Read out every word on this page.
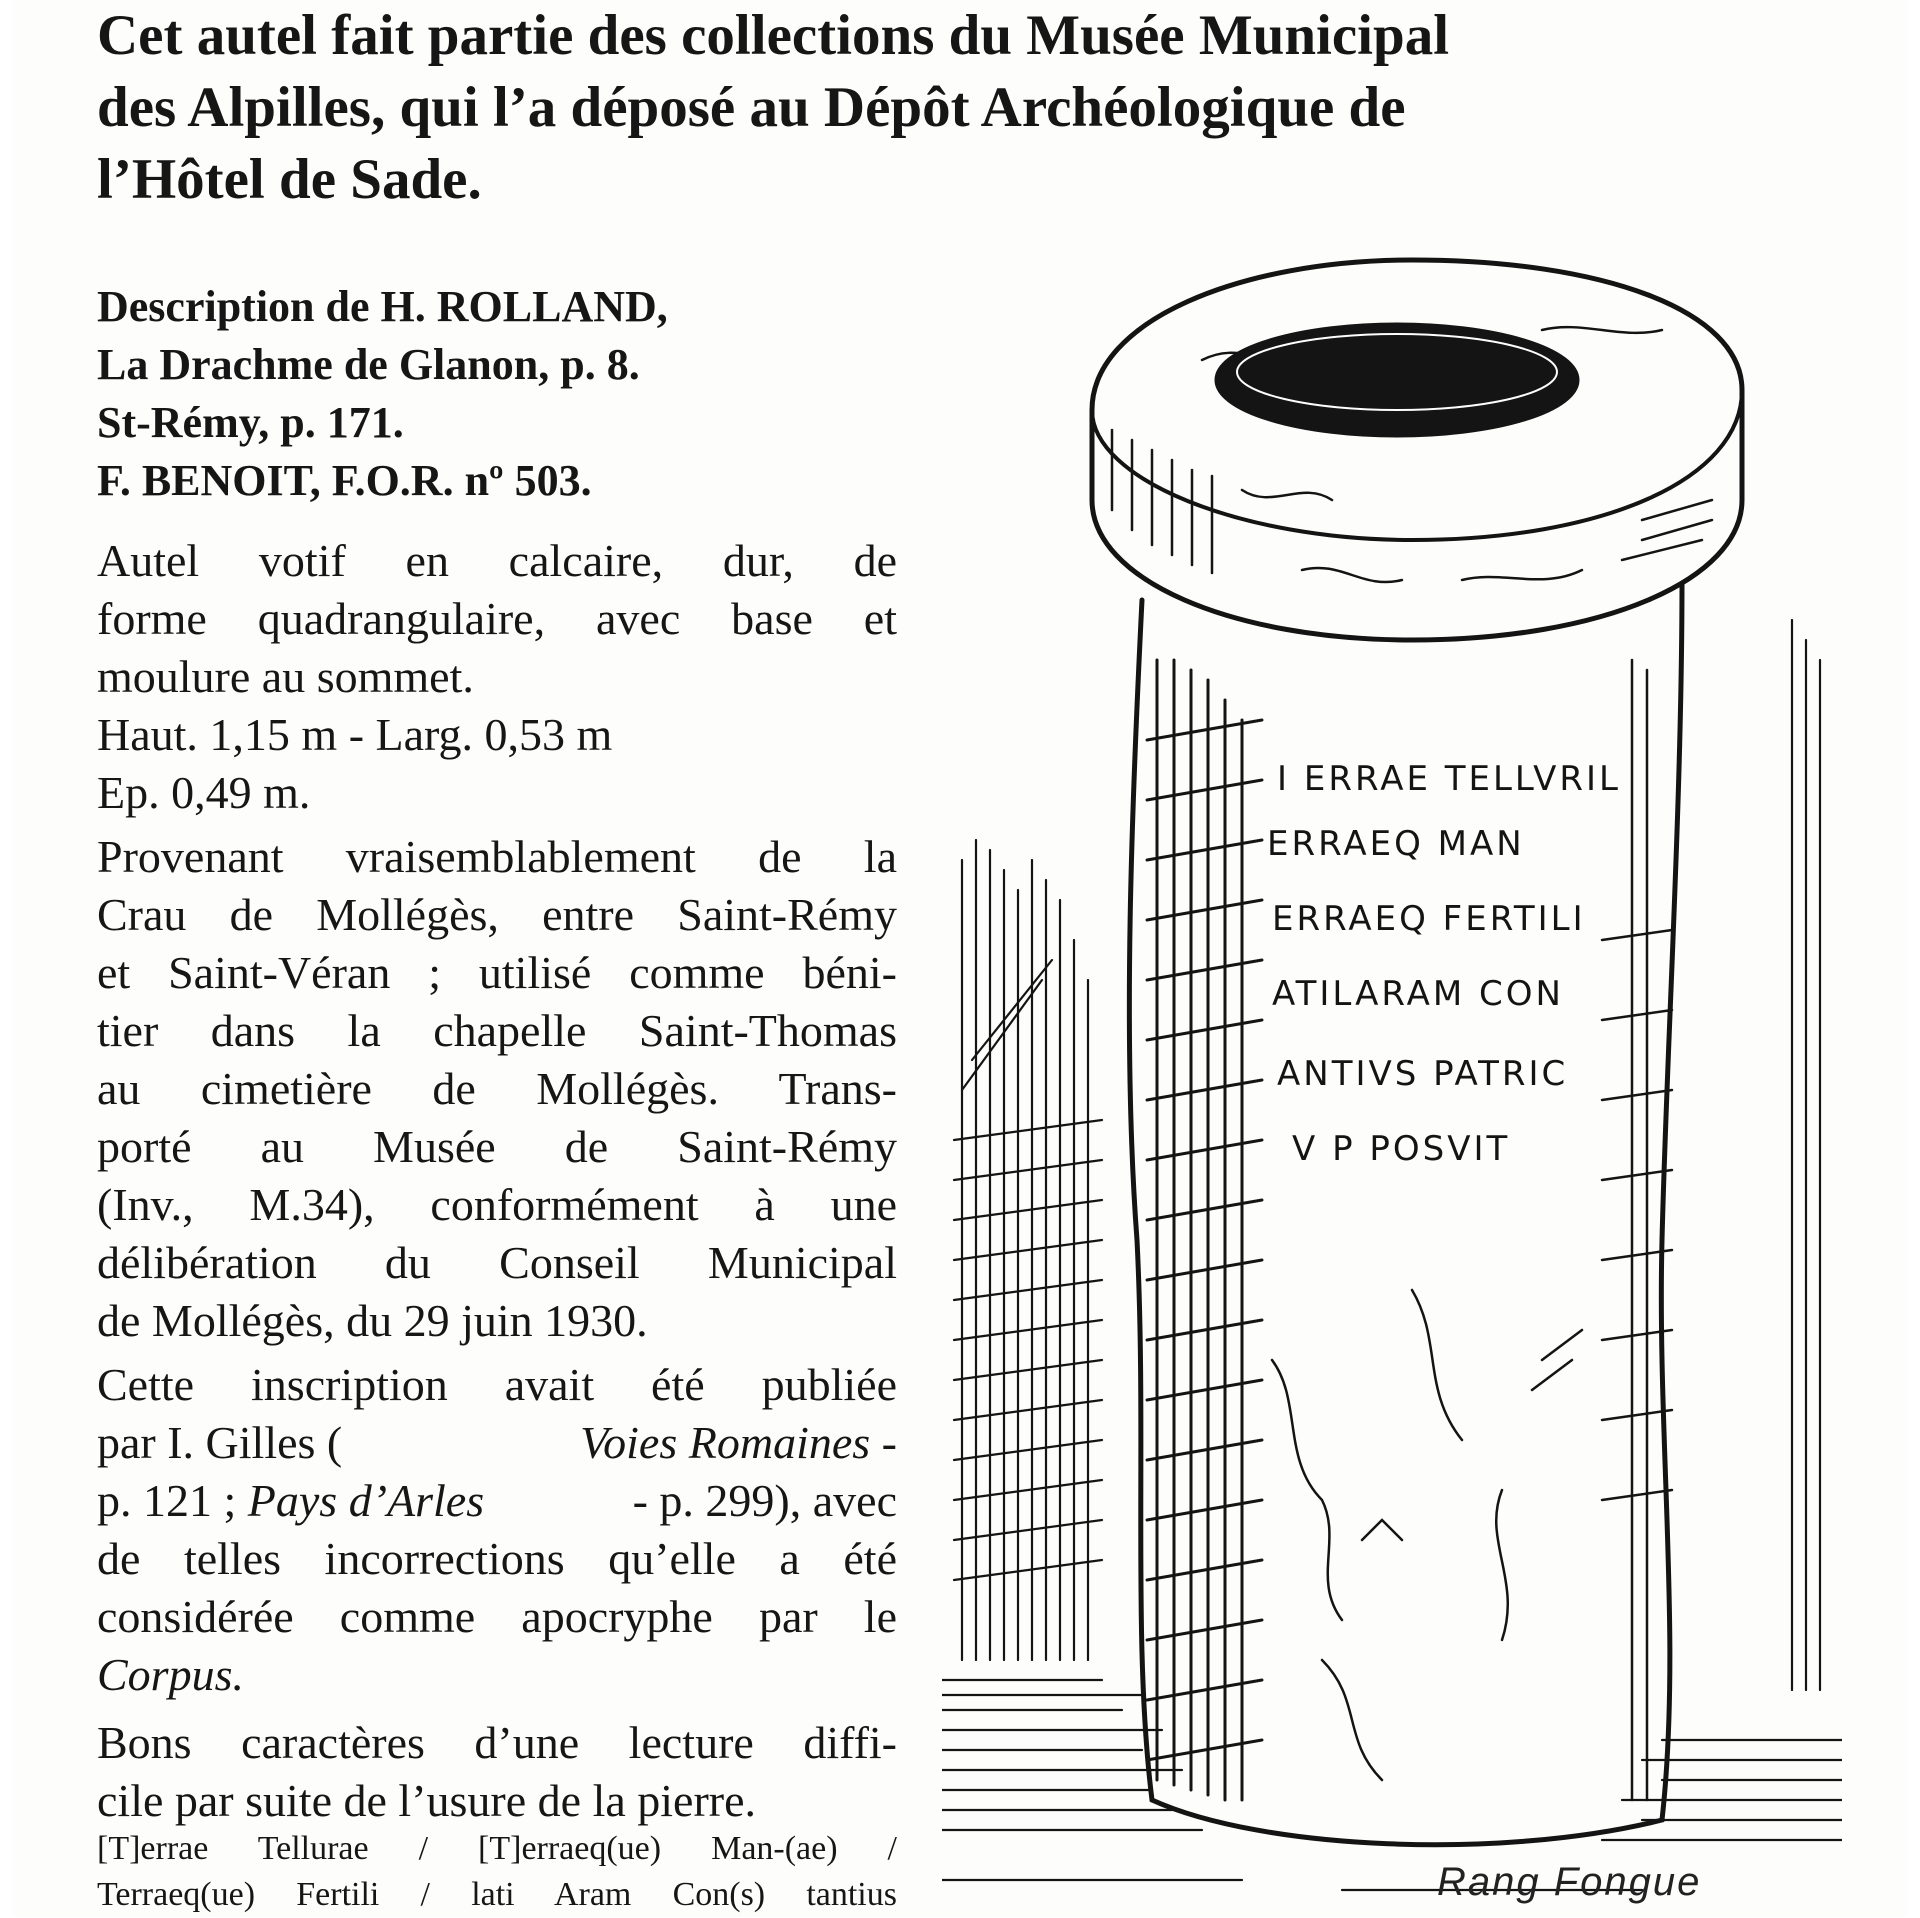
Cet autel fait partie des collections du Musée Municipal
des Alpilles, qui l’a déposé au Dépôt Archéologique de
l’Hôtel de Sade.
Description de H. ROLLAND,
La Drachme de Glanon, p. 8.
St-Rémy, p. 171.
F. BENOIT, F.O.R. nº 503.
Autel votif en calcaire, dur, de
forme quadrangulaire, avec base et
moulure au sommet.
Haut. 1,15 m - Larg. 0,53 m
Ep. 0,49 m.
Provenant vraisemblablement de la
Crau de Mollégès, entre Saint-Rémy
et Saint-Véran ; utilisé comme béni-
tier dans la chapelle Saint-Thomas
au cimetière de Mollégès. Trans-
porté au Musée de Saint-Rémy
(Inv., M.34), conformément à une
délibération du Conseil Municipal
de Mollégès, du 29 juin 1930.
Cette inscription avait été publiée
par I. Gilles (	Voies Romaines -
p. 121 ; Pays d’Arles	- p. 299), avec
de telles incorrections qu’elle a été
considérée comme apocryphe par le
Corpus.
Bons caractères d’une lecture diffi-
cile par suite de l’usure de la pierre.
[T]errae Tellurae / [T]erraeq(ue) Man-(ae) /
Terraeq(ue) Fertili / lati Aram Con(s) tantius
I ERRAE TELLVRIL
ERRAEQ MAN
ERRAEQ FERTILI
ATILARAM CON
ANTIVS PATRIC
V P POSVIT
Rang Fongue
